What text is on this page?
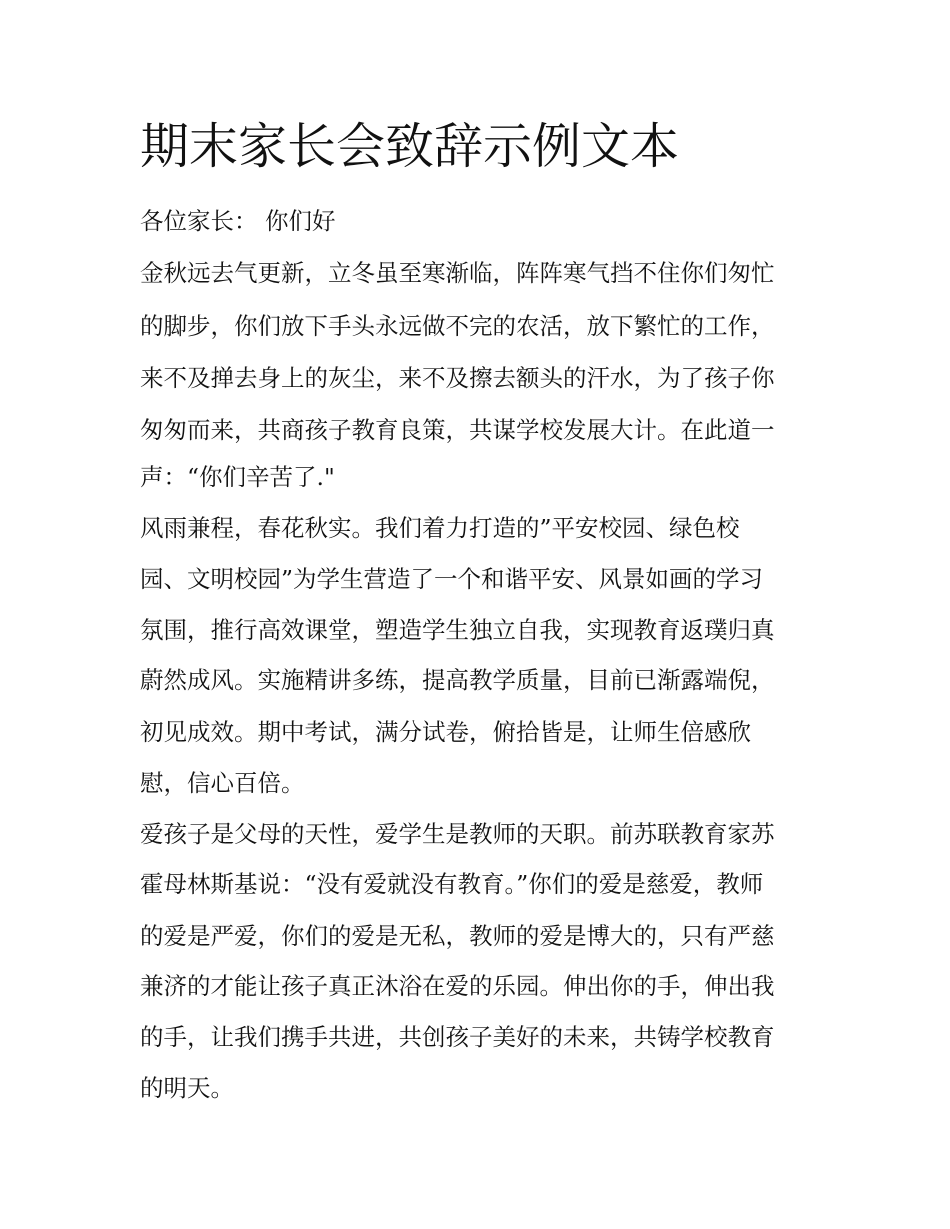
期末家长会致辞示例文本

各位家长： 你们好

金秋远去气更新，立冬虽至寒渐临，阵阵寒气挡不住你们匆忙

的脚步，你们放下手头永远做不完的农活，放下繁忙的工作，

来不及掸去身上的灰尘，来不及擦去额头的汗水，为了孩子你

匆匆而来，共商孩子教育良策，共谋学校发展大计。在此道一

声：“你们辛苦了."

风雨兼程，春花秋实。我们着力打造的”平安校园、绿色校

园、文明校园”为学生营造了一个和谐平安、风景如画的学习

氛围，推行高效课堂，塑造学生独立自我，实现教育返璞归真

蔚然成风。实施精讲多练，提高教学质量，目前已渐露端倪，

初见成效。期中考试，满分试卷，俯拾皆是，让师生倍感欣

慰，信心百倍。

爱孩子是父母的天性，爱学生是教师的天职。前苏联教育家苏

霍母林斯基说：“没有爱就没有教育。”你们的爱是慈爱，教师

的爱是严爱，你们的爱是无私，教师的爱是博大的，只有严慈

兼济的才能让孩子真正沐浴在爱的乐园。伸出你的手，伸出我

的手，让我们携手共进，共创孩子美好的未来，共铸学校教育

的明天。
